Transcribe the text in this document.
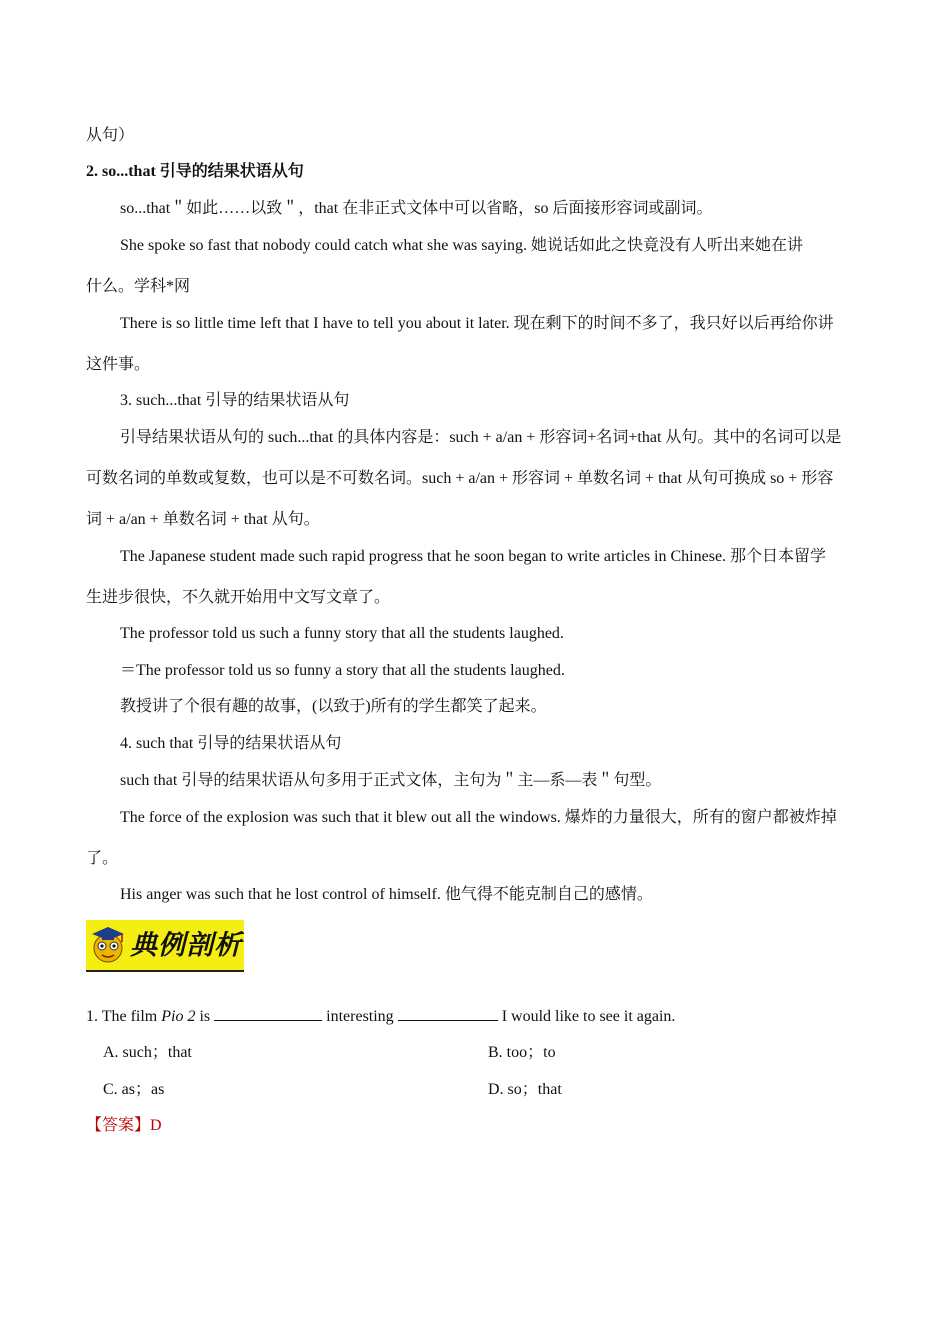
从句）
2. so...that 引导的结果状语从句
so...that＂如此……以致＂，that 在非正式文体中可以省略，so 后面接形容词或副词。
She spoke so fast that nobody could catch what she was saying. 她说话如此之快竟没有人听出来她在讲
什么。学科*网
There is so little time left that I have to tell you about it later. 现在剩下的时间不多了，我只好以后再给你讲
这件事。
3. such...that 引导的结果状语从句
引导结果状语从句的 such...that 的具体内容是：such + a/an + 形容词+名词+that 从句。其中的名词可以是
可数名词的单数或复数，也可以是不可数名词。such + a/an + 形容词 + 单数名词 + that 从句可换成 so + 形容
词 + a/an + 单数名词 + that 从句。
The Japanese student made such rapid progress that he soon began to write articles in Chinese. 那个日本留学
生进步很快，不久就开始用中文写文章了。
The professor told us such a funny story that all the students laughed.
＝The professor told us so funny a story that all the students laughed.
教授讲了个很有趣的故事，(以致于)所有的学生都笑了起来。
4. such that 引导的结果状语从句
such that 引导的结果状语从句多用于正式文体，主句为＂主—系—表＂句型。
The force of the explosion was such that it blew out all the windows. 爆炸的力量很大，所有的窗户都被炸掉
了。
His anger was such that he lost control of himself. 他气得不能克制自己的感情。
典例剖析
1. The film Pio 2 is	interesting	I would like to see it again.
A. such；that	B. too；to
C. as；as	D. so；that
【答案】D
